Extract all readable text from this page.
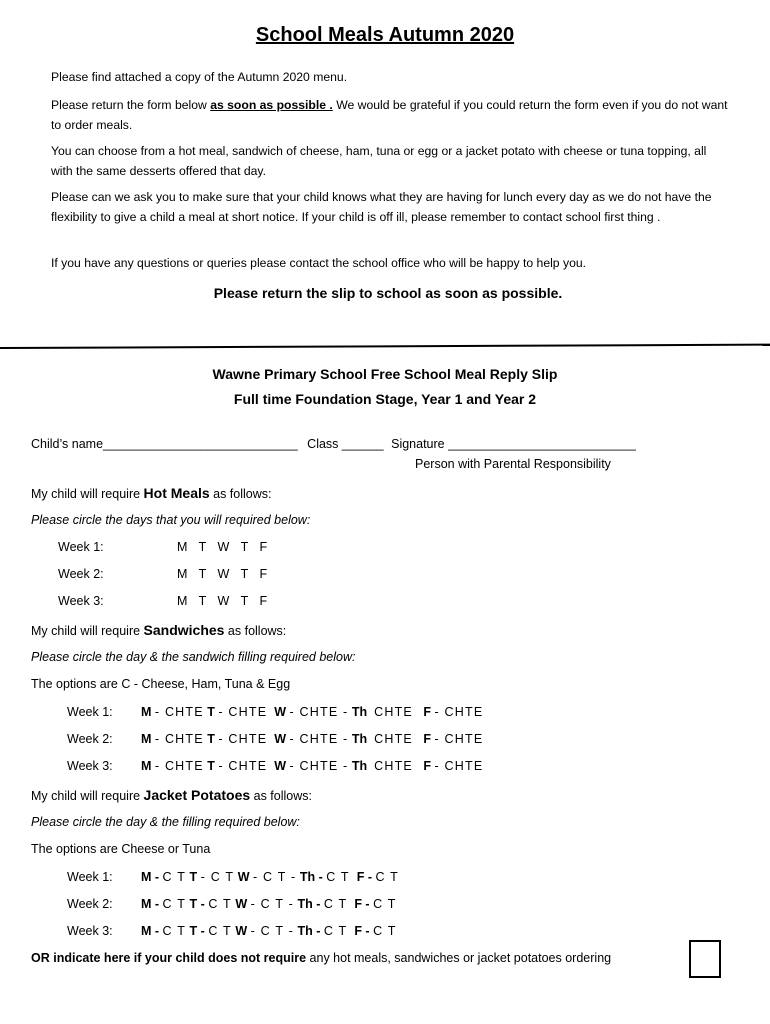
School Meals Autumn 2020
Please find attached a copy of the Autumn 2020 menu.
Please return the form below as soon as possible . We would be grateful if you could return the form even if you do not want to order meals.
You can choose from a hot meal, sandwich of cheese, ham, tuna or egg or a jacket potato with cheese or tuna topping, all with the same desserts offered that day.
Please can we ask you to make sure that your child knows what they are having for lunch every day as we do not have the flexibility to give a child a meal at short notice. If your child is off ill, please remember to contact school first thing .
If you have any questions or queries please contact the school office who will be happy to help you.
Please return the slip to school as soon as possible.
Wawne Primary School Free School Meal Reply Slip
Full time Foundation Stage, Year 1 and Year 2
Child’s name____________________________ Class ______ Signature ___________________________
Person with Parental Responsibility
My child will require Hot Meals as follows:
Please circle the days that you will required below:
Week 1:	M T W T F
Week 2:	M T W T F
Week 3:	M T W T F
My child will require Sandwiches as follows:
Please circle the day & the sandwich filling required below:
The options are C - Cheese, Ham, Tuna & Egg
Week 1: M - CHTE T - CHTE W - CHTE - Th CHTE F - CHTE
Week 2: M - CHTE T - CHTE W - CHTE - Th CHTE F - CHTE
Week 3: M - CHTE T - CHTE W - CHTE - Th CHTE F - CHTE
My child will require Jacket Potatoes as follows:
Please circle the day & the filling required below:
The options are Cheese or Tuna
Week 1: M - C T T - C T W - C T - Th - C T F - C T
Week 2: M - C T T - C T W - C T - Th - C T F - C T
Week 3: M - C T T - C T W - C T - Th - C T F - C T
OR indicate here if your child does not require any hot meals, sandwiches or jacket potatoes ordering
